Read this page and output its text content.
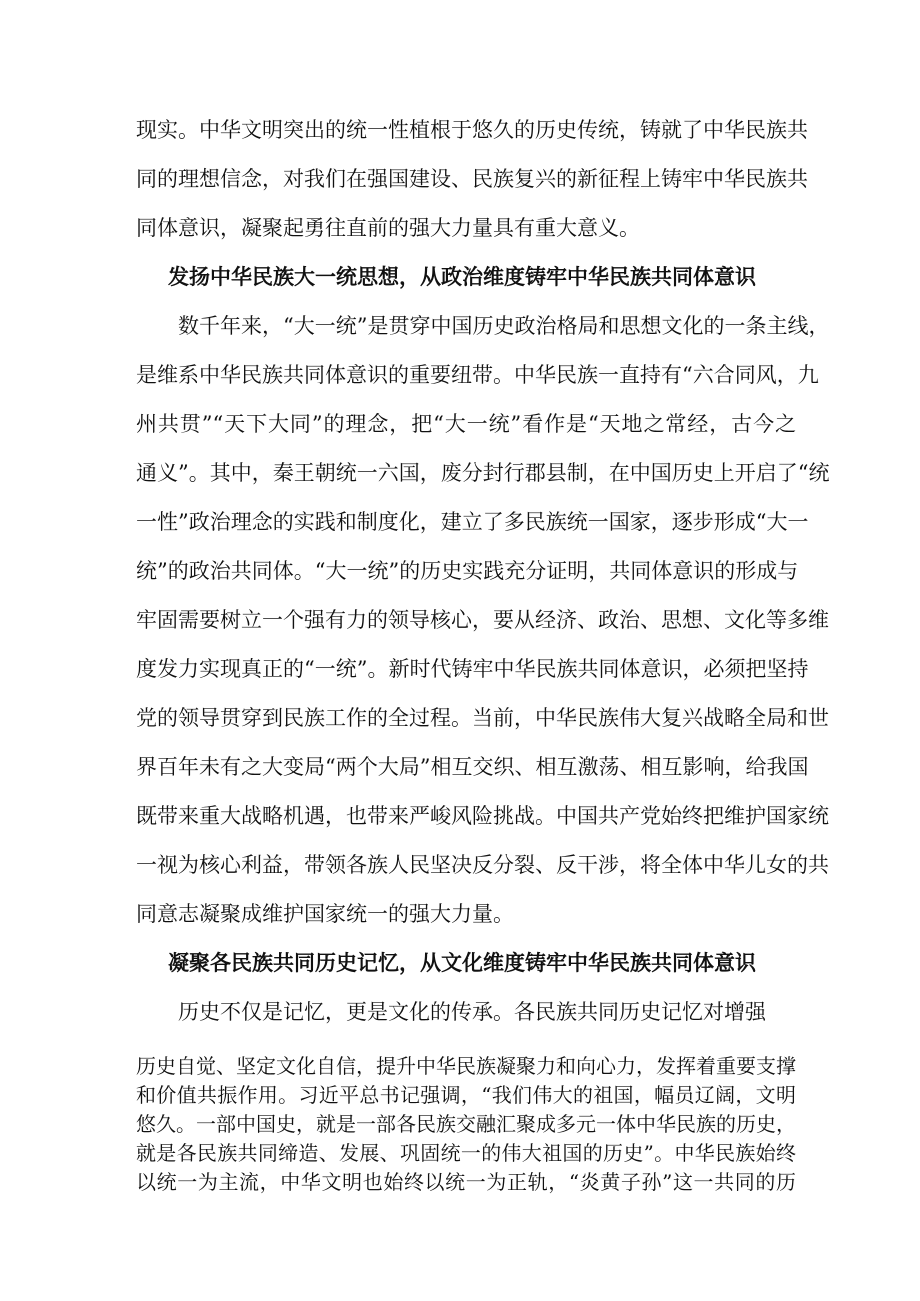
现实。中华文明突出的统一性植根于悠久的历史传统，铸就了中华民族共
同的理想信念，对我们在强国建设、民族复兴的新征程上铸牢中华民族共
同体意识，凝聚起勇往直前的强大力量具有重大意义。
发扬中华民族大一统思想，从政治维度铸牢中华民族共同体意识
数千年来，“大一统”是贯穿中国历史政治格局和思想文化的一条主线，
是维系中华民族共同体意识的重要纽带。中华民族一直持有“六合同风，九
州共贯”“天下大同”的理念，把“大一统”看作是“天地之常经，古今之
通义”。其中，秦王朝统一六国，废分封行郡县制，在中国历史上开启了“统
一性”政治理念的实践和制度化，建立了多民族统一国家，逐步形成“大一
统”的政治共同体。“大一统”的历史实践充分证明，共同体意识的形成与
牢固需要树立一个强有力的领导核心，要从经济、政治、思想、文化等多维
度发力实现真正的“一统”。新时代铸牢中华民族共同体意识，必须把坚持
党的领导贯穿到民族工作的全过程。当前，中华民族伟大复兴战略全局和世
界百年未有之大变局“两个大局”相互交织、相互激荡、相互影响，给我国
既带来重大战略机遇，也带来严峻风险挑战。中国共产党始终把维护国家统
一视为核心利益，带领各族人民坚决反分裂、反干涉，将全体中华儿女的共
同意志凝聚成维护国家统一的强大力量。
凝聚各民族共同历史记忆，从文化维度铸牢中华民族共同体意识
历史不仅是记忆，更是文化的传承。各民族共同历史记忆对增强
历史自觉、坚定文化自信，提升中华民族凝聚力和向心力，发挥着重要支撑
和价值共振作用。习近平总书记强调，“我们伟大的祖国，幅员辽阔，文明
悠久。一部中国史，就是一部各民族交融汇聚成多元一体中华民族的历史，
就是各民族共同缔造、发展、巩固统一的伟大祖国的历史”。中华民族始终
以统一为主流，中华文明也始终以统一为正轨，“炎黄子孙”这一共同的历
